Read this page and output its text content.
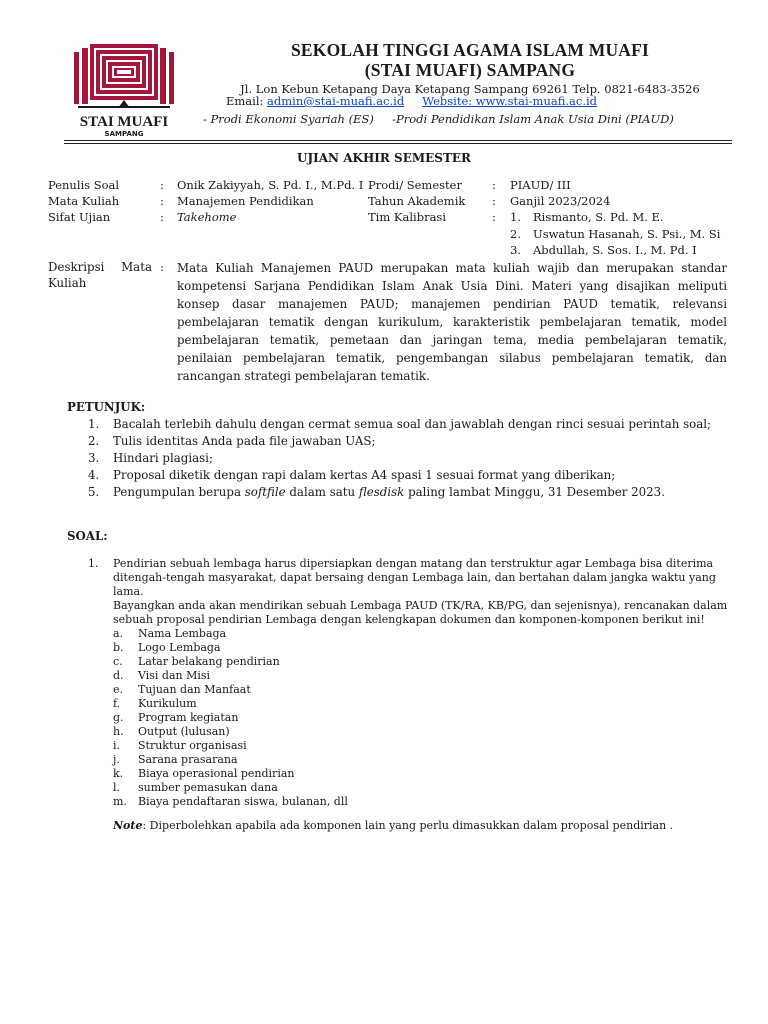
STAI MUAFI
SAMPANG
SEKOLAH TINGGI AGAMA ISLAM MUAFI
(STAI MUAFI) SAMPANG
Jl. Lon Kebun Ketapang Daya Ketapang Sampang 69261 Telp. 0821-6483-3526
Email: admin@stai-muafi.ac.id Website: www.stai-muafi.ac.id
- Prodi Ekonomi Syariah (ES)     -Prodi Pendidikan Islam Anak Usia Dini (PIAUD)
UJIAN AKHIR SEMESTER
Penulis Soal	: Onik Zakiyyah, S. Pd. I., M.Pd. I Prodi/ Semester	: PIAUD/ III
Mata Kuliah	: Manajemen Pendidikan	Tahun Akademik : Ganjil 2023/2024
Sifat Ujian	: Takehome	Tim Kalibrasi	: 1. Rismanto, S. Pd. M. E.
2. Uswatun Hasanah, S. Psi., M. Si
3. Abdullah, S. Sos. I., M. Pd. I
Deskripsi Mata Kuliah
: Mata Kuliah Manajemen PAUD merupakan mata kuliah wajib dan merupakan standar kompetensi Sarjana Pendidikan Islam Anak Usia Dini. Materi yang disajikan meliputi konsep dasar manajemen PAUD; manajemen pendirian PAUD tematik, relevansi pembelajaran tematik dengan kurikulum, karakteristik pembelajaran tematik, model pembelajaran tematik, pemetaan dan jaringan tema, media pembelajaran tematik, penilaian pembelajaran tematik, pengembangan silabus pembelajaran tematik, dan rancangan strategi pembelajaran tematik.
PETUNJUK:
1. Bacalah terlebih dahulu dengan cermat semua soal dan jawablah dengan rinci sesuai perintah soal;
2. Tulis identitas Anda pada file jawaban UAS;
3. Hindari plagiasi;
4. Proposal diketik dengan rapi dalam kertas A4 spasi 1 sesuai format yang diberikan;
5. Pengumpulan berupa softfile dalam satu flesdisk paling lambat Minggu, 31 Desember 2023.
SOAL:
1. Pendirian sebuah lembaga harus dipersiapkan dengan matang dan terstruktur agar Lembaga bisa diterima ditengah-tengah masyarakat, dapat bersaing dengan Lembaga lain, dan bertahan dalam jangka waktu yang lama.
Bayangkan anda akan mendirikan sebuah Lembaga PAUD (TK/RA, KB/PG, dan sejenisnya), rencanakan dalam sebuah proposal pendirian Lembaga dengan kelengkapan dokumen dan komponen-komponen berikut ini!
a. Nama Lembaga
b. Logo Lembaga
c. Latar belakang pendirian
d. Visi dan Misi
e. Tujuan dan Manfaat
f. Kurikulum
g. Program kegiatan
h. Output (lulusan)
i. Struktur organisasi
j. Sarana prasarana
k. Biaya operasional pendirian
l. sumber pemasukan dana
m. Biaya pendaftaran siswa, bulanan, dll
Note: Diperbolehkan apabila ada komponen lain yang perlu dimasukkan dalam proposal pendirian .
